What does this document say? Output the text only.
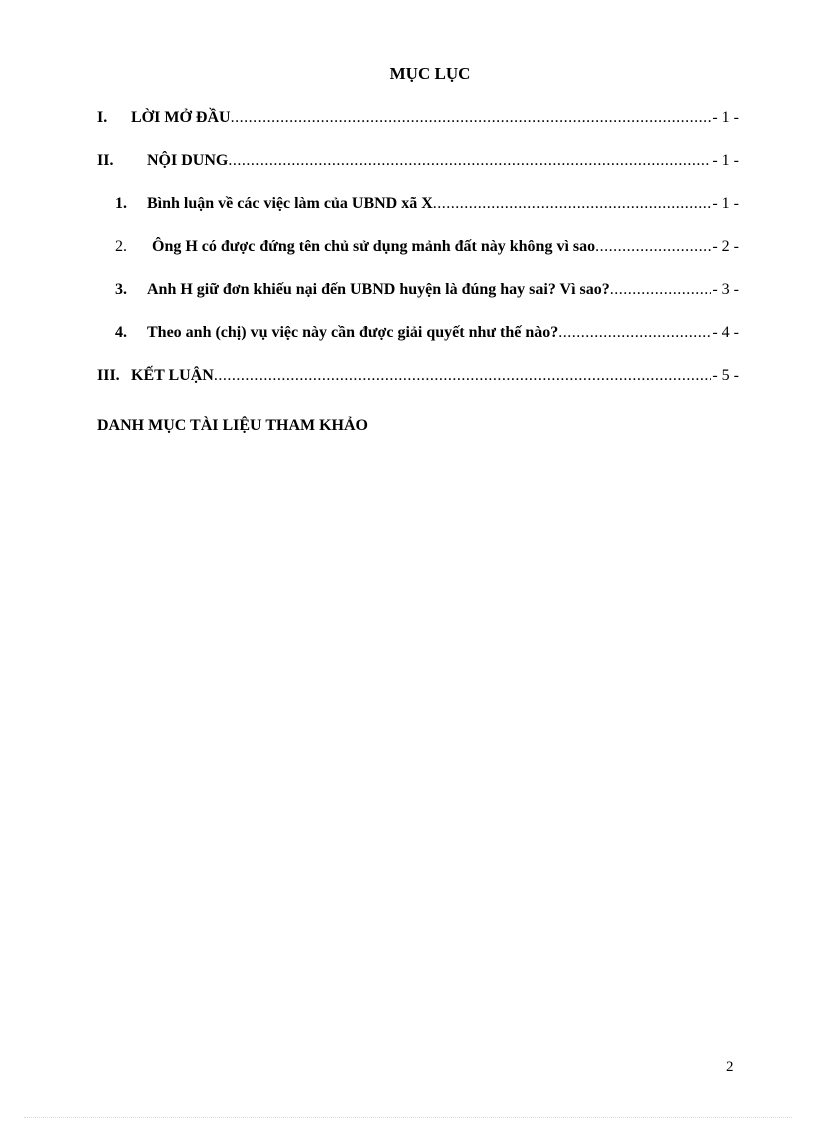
MỤC LỤC
I.	LỜI MỞ ĐẦU .....	- 1 -
II.	NỘI DUNG .....	- 1 -
1.	Bình luận về các việc làm của UBND xã X .....	- 1 -
2.	Ông H có được đứng tên chủ sử dụng mảnh đất này không vì sao .....	- 2 -
3.	Anh H giữ đơn khiếu nại đến UBND huyện là đúng hay sai? Vì sao? .....	- 3 -
4.	Theo anh (chị) vụ việc này cần được giải quyết như thế nào? .....	- 4 -
III. KẾT LUẬN .....	- 5 -
DANH MỤC TÀI LIỆU THAM KHẢO
2
